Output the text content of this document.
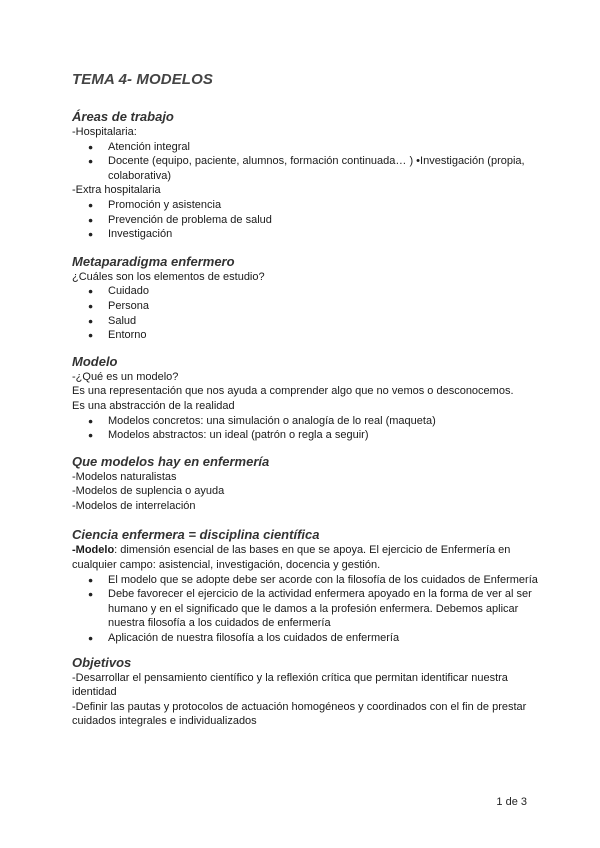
TEMA 4- MODELOS
Áreas de trabajo

-Hospitalaria:

● Atención integral
● Docente (equipo, paciente, alumnos, formación continuada… ) •Investigación (propia, colaborativa)

-Extra hospitalaria

● Promoción y asistencia
● Prevención de problema de salud
● Investigación
Metaparadigma enfermero

¿Cuáles son los elementos de estudio?

● Cuidado
● Persona
● Salud
● Entorno
Modelo

-¿Qué es un modelo?

Es una representación que nos ayuda a comprender algo que no vemos o desconocemos.

Es una abstracción de la realidad

● Modelos concretos: una simulación o analogía de lo real (maqueta)
● Modelos abstractos: un ideal (patrón o regla a seguir)
Que modelos hay en enfermería

-Modelos naturalistas

-Modelos de suplencia o ayuda

-Modelos de interrelación

Ciencia enfermera = disciplina científica

-Modelo: dimensión esencial de las bases en que se apoya. El ejercicio de Enfermería en cualquier campo: asistencial, investigación, docencia y gestión.

● El modelo que se adopte debe ser acorde con la filosofía de los cuidados de Enfermería
● Debe favorecer el ejercicio de la actividad enfermera apoyado en la forma de ver al ser humano y en el significado que le damos a la profesión enfermera. Debemos aplicar nuestra filosofía a los cuidados de enfermería
● Aplicación de nuestra filosofía a los cuidados de enfermería
Objetivos

-Desarrollar el pensamiento científico y la reflexión crítica que permitan identificar nuestra identidad

-Definir las pautas y protocolos de actuación homogéneos y coordinados con el fin de prestar cuidados integrales e individualizados

1 de 3
